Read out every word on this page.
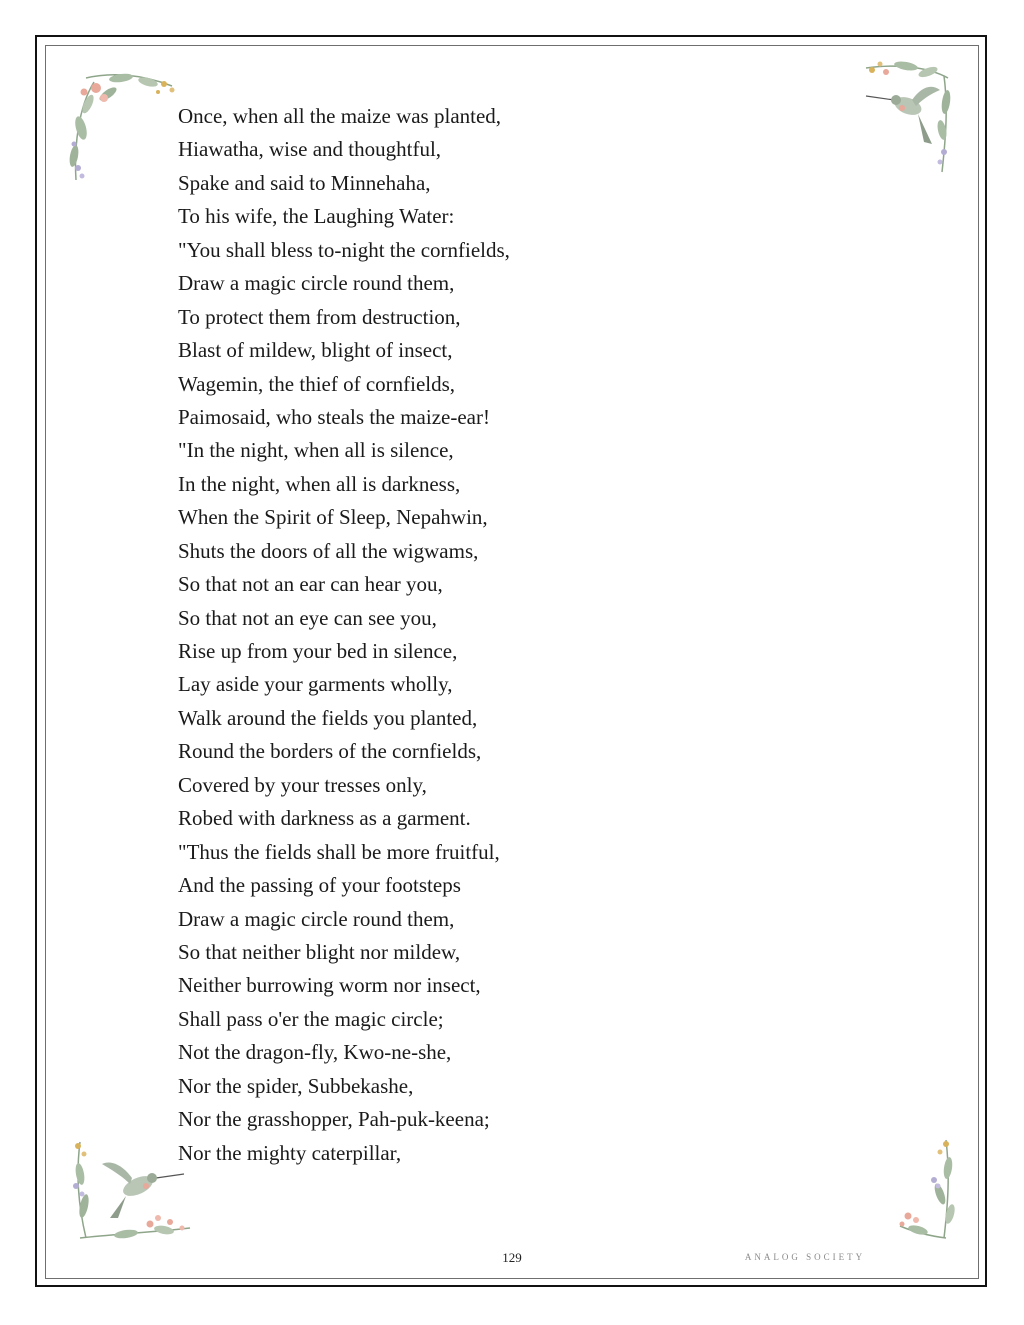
Once, when all the maize was planted,
Hiawatha, wise and thoughtful,
Spake and said to Minnehaha,
To his wife, the Laughing Water:
"You shall bless to-night the cornfields,
Draw a magic circle round them,
To protect them from destruction,
Blast of mildew, blight of insect,
Wagemin, the thief of cornfields,
Paimosaid, who steals the maize-ear!
"In the night, when all is silence,
In the night, when all is darkness,
When the Spirit of Sleep, Nepahwin,
Shuts the doors of all the wigwams,
So that not an ear can hear you,
So that not an eye can see you,
Rise up from your bed in silence,
Lay aside your garments wholly,
Walk around the fields you planted,
Round the borders of the cornfields,
Covered by your tresses only,
Robed with darkness as a garment.
"Thus the fields shall be more fruitful,
And the passing of your footsteps
Draw a magic circle round them,
So that neither blight nor mildew,
Neither burrowing worm nor insect,
Shall pass o'er the magic circle;
Not the dragon-fly, Kwo-ne-she,
Nor the spider, Subbekashe,
Nor the grasshopper, Pah-puk-keena;
Nor the mighty caterpillar,
129	ANALOG SOCIETY
